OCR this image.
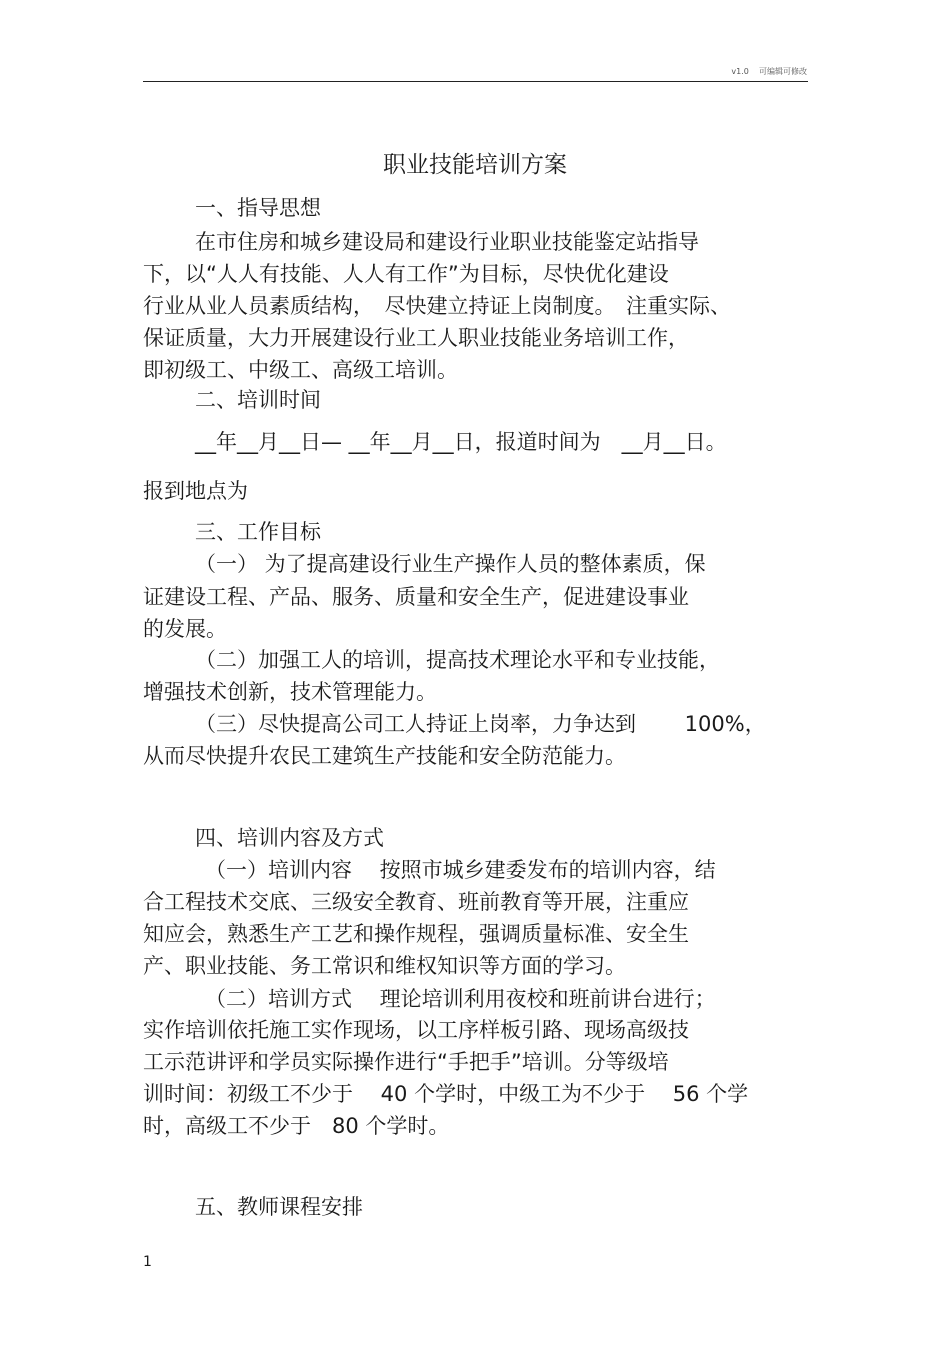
v1.0 可编辑可修改
职业技能培训方案
一、指导思想
在市住房和城乡建设局和建设行业职业技能鉴定站指导
下，以“人人有技能、人人有工作”为目标，尽快优化建设
行业从业人员素质结构，　尽快建立持证上岗制度。　注重实际、
保证质量，大力开展建设行业工人职业技能业务培训工作，
即初级工、中级工、高级工培训。
二、培训时间
__年__月__日— __年__月__日，报道时间为　__月__日。
报到地点为
三、工作目标
（一） 为了提高建设行业生产操作人员的整体素质，保
证建设工程、产品、服务、质量和安全生产，促进建设事业
的发展。
（二）加强工人的培训，提高技术理论水平和专业技能，
增强技术创新，技术管理能力。
（三）尽快提高公司工人持证上岗率，力争达到　　 100%，
从而尽快提升农民工建筑生产技能和安全防范能力。
四、培训内容及方式
（一）培训内容　 按照市城乡建委发布的培训内容，结
合工程技术交底、三级安全教育、班前教育等开展，注重应
知应会，熟悉生产工艺和操作规程，强调质量标准、安全生
产、职业技能、务工常识和维权知识等方面的学习。
（二）培训方式　 理论培训利用夜校和班前讲台进行；
实作培训依托施工实作现场，以工序样板引路、现场高级技
工示范讲评和学员实际操作进行“手把手”培训。分等级培
训时间：初级工不少于　 40 个学时，中级工为不少于　 56 个学
时，高级工不少于　80 个学时。
五、教师课程安排
1
